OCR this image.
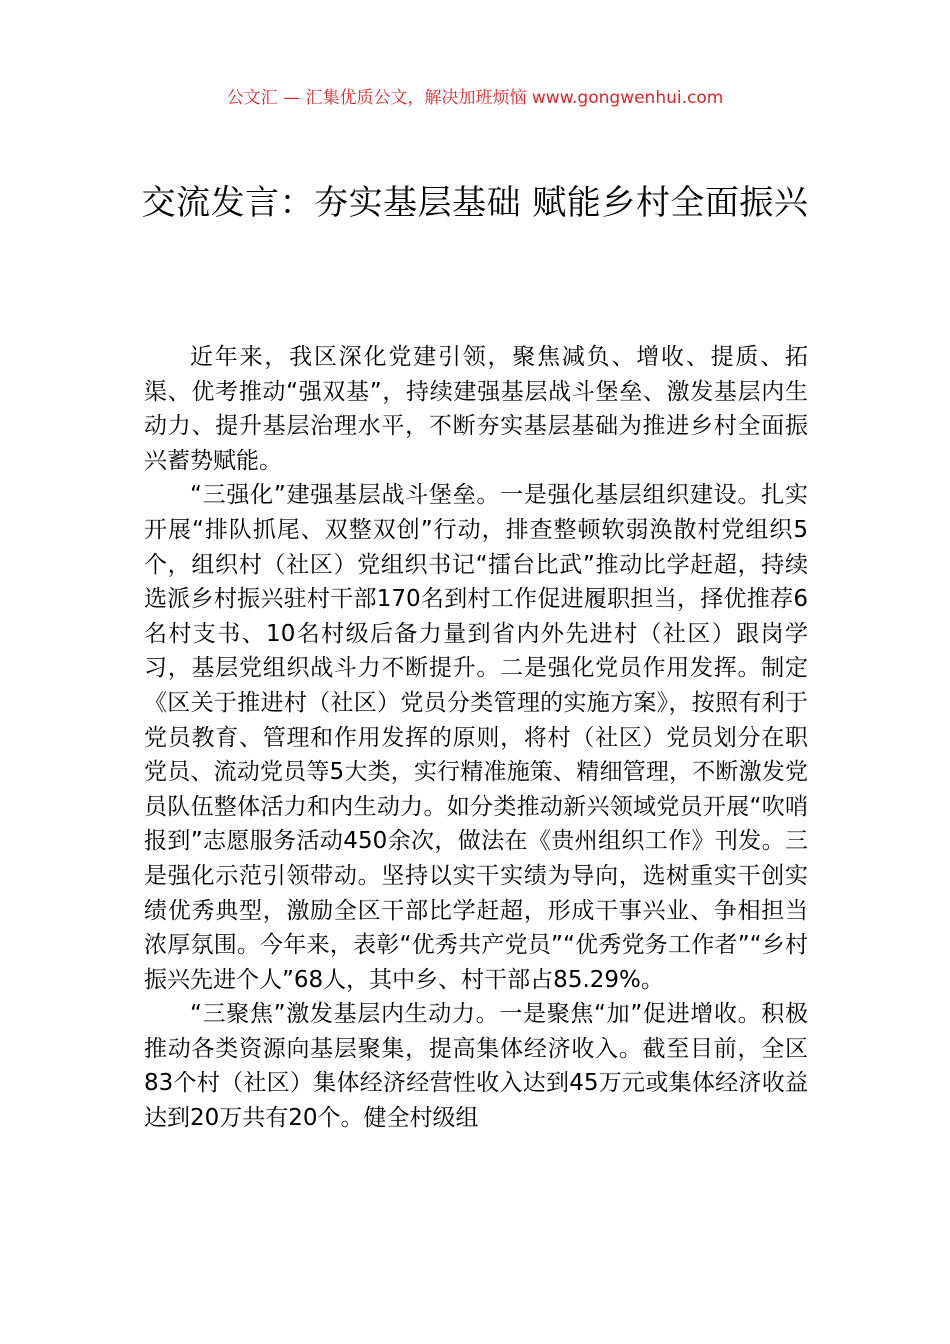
公文汇 — 汇集优质公文，解决加班烦恼 www.gongwenhui.com
交流发言：夯实基层基础 赋能乡村全面振兴

近年来，我区深化党建引领，聚焦减负、增收、提质、拓渠、优考推动“强双基”，持续建强基层战斗堡垒、激发基层内生动力、提升基层治理水平，不断夯实基层基础为推进乡村全面振兴蓄势赋能。

“三强化”建强基层战斗堡垒。一是强化基层组织建设。扎实开展“排队抓尾、双整双创”行动，排查整顿软弱涣散村党组织5个，组织村（社区）党组织书记“擂台比武”推动比学赶超，持续选派乡村振兴驻村干部170名到村工作促进履职担当，择优推荐6名村支书、10名村级后备力量到省内外先进村（社区）跟岗学习，基层党组织战斗力不断提升。二是强化党员作用发挥。制定《区关于推进村（社区）党员分类管理的实施方案》，按照有利于党员教育、管理和作用发挥的原则，将村（社区）党员划分在职党员、流动党员等5大类，实行精准施策、精细管理，不断激发党员队伍整体活力和内生动力。如分类推动新兴领域党员开展“吹哨报到”志愿服务活动450余次，做法在《贵州组织工作》刊发。三是强化示范引领带动。坚持以实干实绩为导向，选树重实干创实绩优秀典型，激励全区干部比学赶超，形成干事兴业、争相担当浓厚氛围。今年来，表彰“优秀共产党员”“优秀党务工作者”“乡村振兴先进个人”68人，其中乡、村干部占85.29%。

“三聚焦”激发基层内生动力。一是聚焦“加”促进增收。积极推动各类资源向基层聚集，提高集体经济收入。截至目前，全区83个村（社区）集体经济经营性收入达到45万元或集体经济收益达到20万共有20个。健全村级组
